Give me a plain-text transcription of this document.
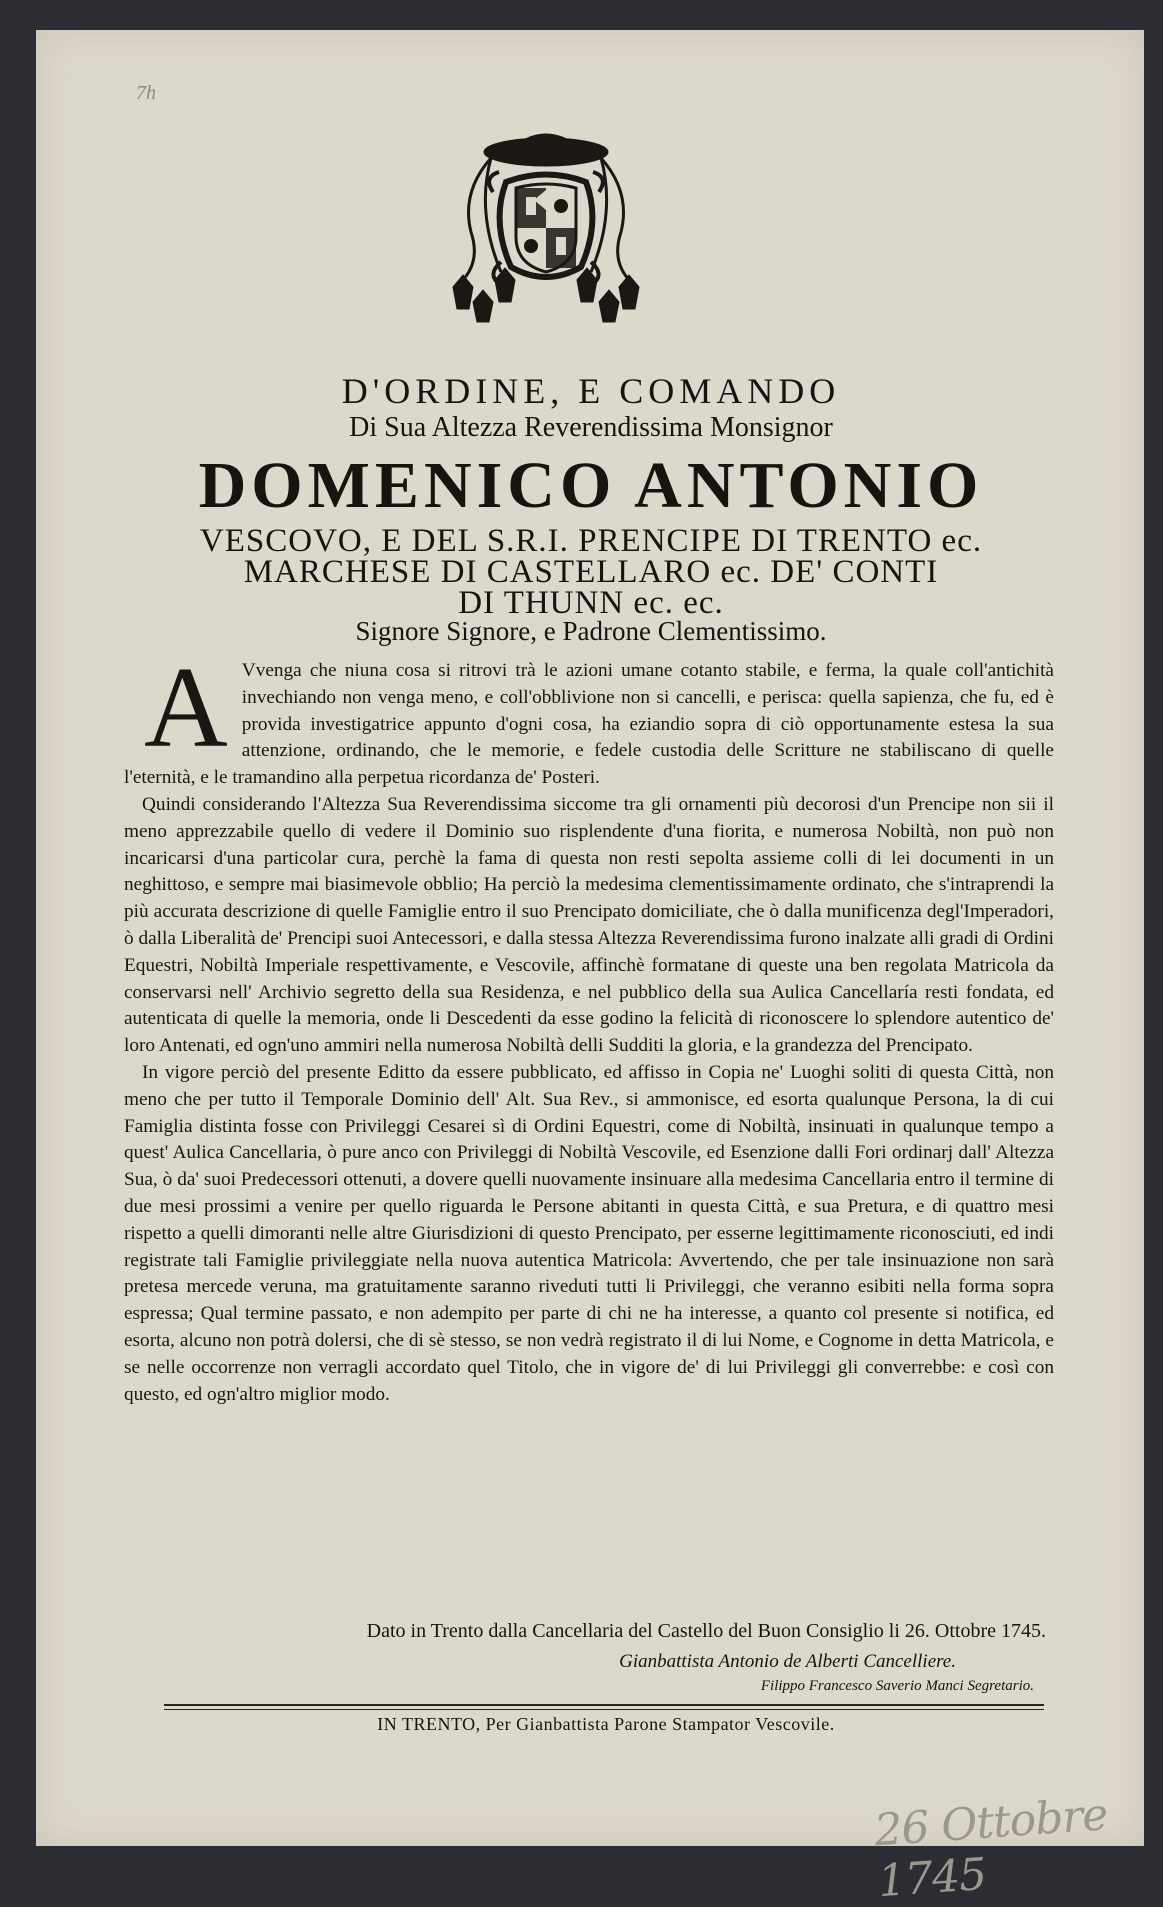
7h
D'ORDINE, E COMANDO
Di Sua Altezza Reverendissima Monsignor
DOMENICO ANTONIO
VESCOVO, E DEL S.R.I. PRENCIPE DI TRENTO ec.
MARCHESE DI CASTELLARO ec. DE' CONTI
DI THUNN ec. ec.
Signore Signore, e Padrone Clementissimo.
A Vvenga che niuna cosa si ritrovi trà le azioni umane cotanto stabile, e ferma, la quale coll'antichità invechiando non venga meno, e coll'obblivione non si cancelli, e perisca: quella sapienza, che fu, ed è provida investigatrice appunto d'ogni cosa, ha eziandio sopra di ciò opportunamente estesa la sua attenzione, ordinando, che le memorie, e fedele custodia delle Scritture ne stabiliscano di quelle l'eternità, e le tramandino alla perpetua ricordanza de' Posteri.

Quindi considerando l'Altezza Sua Reverendissima siccome tra gli ornamenti più decorosi d'un Prencipe non sii il meno apprezzabile quello di vedere il Dominio suo risplendente d'una fiorita, e numerosa Nobiltà, non può non incaricarsi d'una particolar cura, perchè la fama di questa non resti sepolta assieme colli di lei documenti in un neghittoso, e sempre mai biasimevole obblio; Ha perciò la medesima clementissimamente ordinato, che s'intraprendi la più accurata descrizione di quelle Famiglie entro il suo Prencipato domiciliate, che ò dalla munificenza degl'Imperadori, ò dalla Liberalità de' Prencipi suoi Antecessori, e dalla stessa Altezza Reverendissima furono inalzate alli gradi di Ordini Equestri, Nobiltà Imperiale respettivamente, e Vescovile, affinchè formatane di queste una ben regolata Matricola da conservarsi nell' Archivio segretto della sua Residenza, e nel pubblico della sua Aulica Cancellaría resti fondata, ed autenticata di quelle la memoria, onde li Descedenti da esse godino la felicità di riconoscere lo splendore autentico de' loro Antenati, ed ogn'uno ammiri nella numerosa Nobiltà delli Sudditi la gloria, e la grandezza del Prencipato.

In vigore perciò del presente Editto da essere pubblicato, ed affisso in Copia ne' Luoghi soliti di questa Città, non meno che per tutto il Temporale Dominio dell' Alt. Sua Rev., si ammonisce, ed esorta qualunque Persona, la di cui Famiglia distinta fosse con Privileggi Cesarei sì di Ordini Equestri, come di Nobiltà, insinuati in qualunque tempo a quest' Aulica Cancellaria, ò pure anco con Privileggi di Nobiltà Vescovile, ed Esenzione dalli Fori ordinarj dall' Altezza Sua, ò da' suoi Predecessori ottenuti, a dovere quelli nuovamente insinuare alla medesima Cancellaria entro il termine di due mesi prossimi a venire per quello riguarda le Persone abitanti in questa Città, e sua Pretura, e di quattro mesi rispetto a quelli dimoranti nelle altre Giurisdizioni di questo Prencipato, per esserne legittimamente riconosciuti, ed indi registrate tali Famiglie privileggiate nella nuova autentica Matricola: Avvertendo, che per tale insinuazione non sarà pretesa mercede veruna, ma gratuitamente saranno riveduti tutti li Privileggi, che veranno esibiti nella forma sopra espressa; Qual termine passato, e non adempito per parte di chi ne ha interesse, a quanto col presente si notifica, ed esorta, alcuno non potrà dolersi, che di sè stesso, se non vedrà registrato il di lui Nome, e Cognome in detta Matricola, e se nelle occorrenze non verragli accordato quel Titolo, che in vigore de' di lui Privileggi gli converrebbe: e così con questo, ed ogn'altro miglior modo.

Dato in Trento dalla Cancellaria del Castello del Buon Consiglio li 26. Ottobre 1745.
Gianbattista Antonio de Alberti Cancelliere.
Filippo Francesco Saverio Manci Segretario.
IN TRENTO, Per Gianbattista Parone Stampator Vescovile.
26 Ottobre 1745
